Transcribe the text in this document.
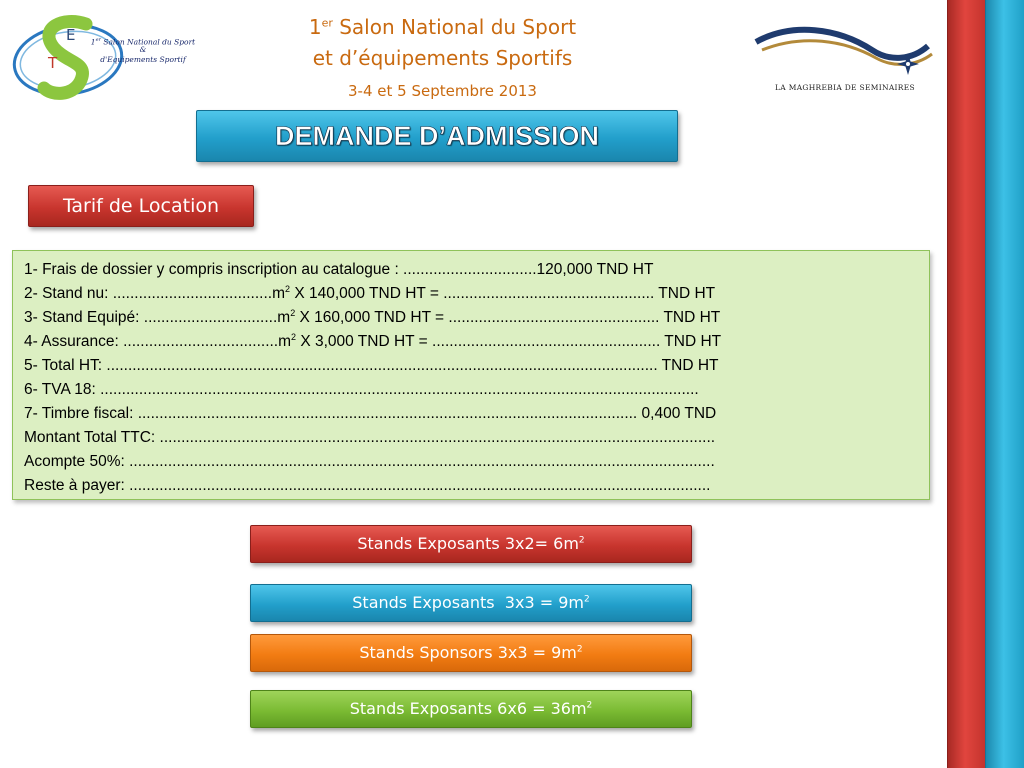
E
T
1er Salon National du Sport
&
d'Equipements Sportif
1er Salon National du Sport
et d’équipements Sportifs
3-4 et 5 Septembre 2013	LA MAGHREBIA DE SEMINAIRES
DEMANDE D’ADMISSION
Tarif de Location
1- Frais de dossier y compris inscription au catalogue : ...............................120,000 TND HT
2- Stand nu: $.....................................m^2$ X 140,000 TND HT = ................................................. TND HT
3- Stand Equipé: $...............................m^2$ X 160,000 TND HT = ................................................. TND HT
4- Assurance: $....................................m^2$ X 3,000 TND HT = ..................................................... TND HT
5- Total HT: ................................................................................................................................ TND HT
6- TVA 18: ...........................................................................................................................................
7- Timbre fiscal: .................................................................................................................... 0,400 TND
Montant Total TTC: .................................................................................................................................
Acompte 50%: ........................................................................................................................................
Reste à payer: .......................................................................................................................................
Stands Exposants $3x2= 6m^2$
Stands Exposants  $3x3 = 9m^2$
Stands Sponsors $3x3 = 9m^2$
Stands Exposants $6x6 = 36m^2$
